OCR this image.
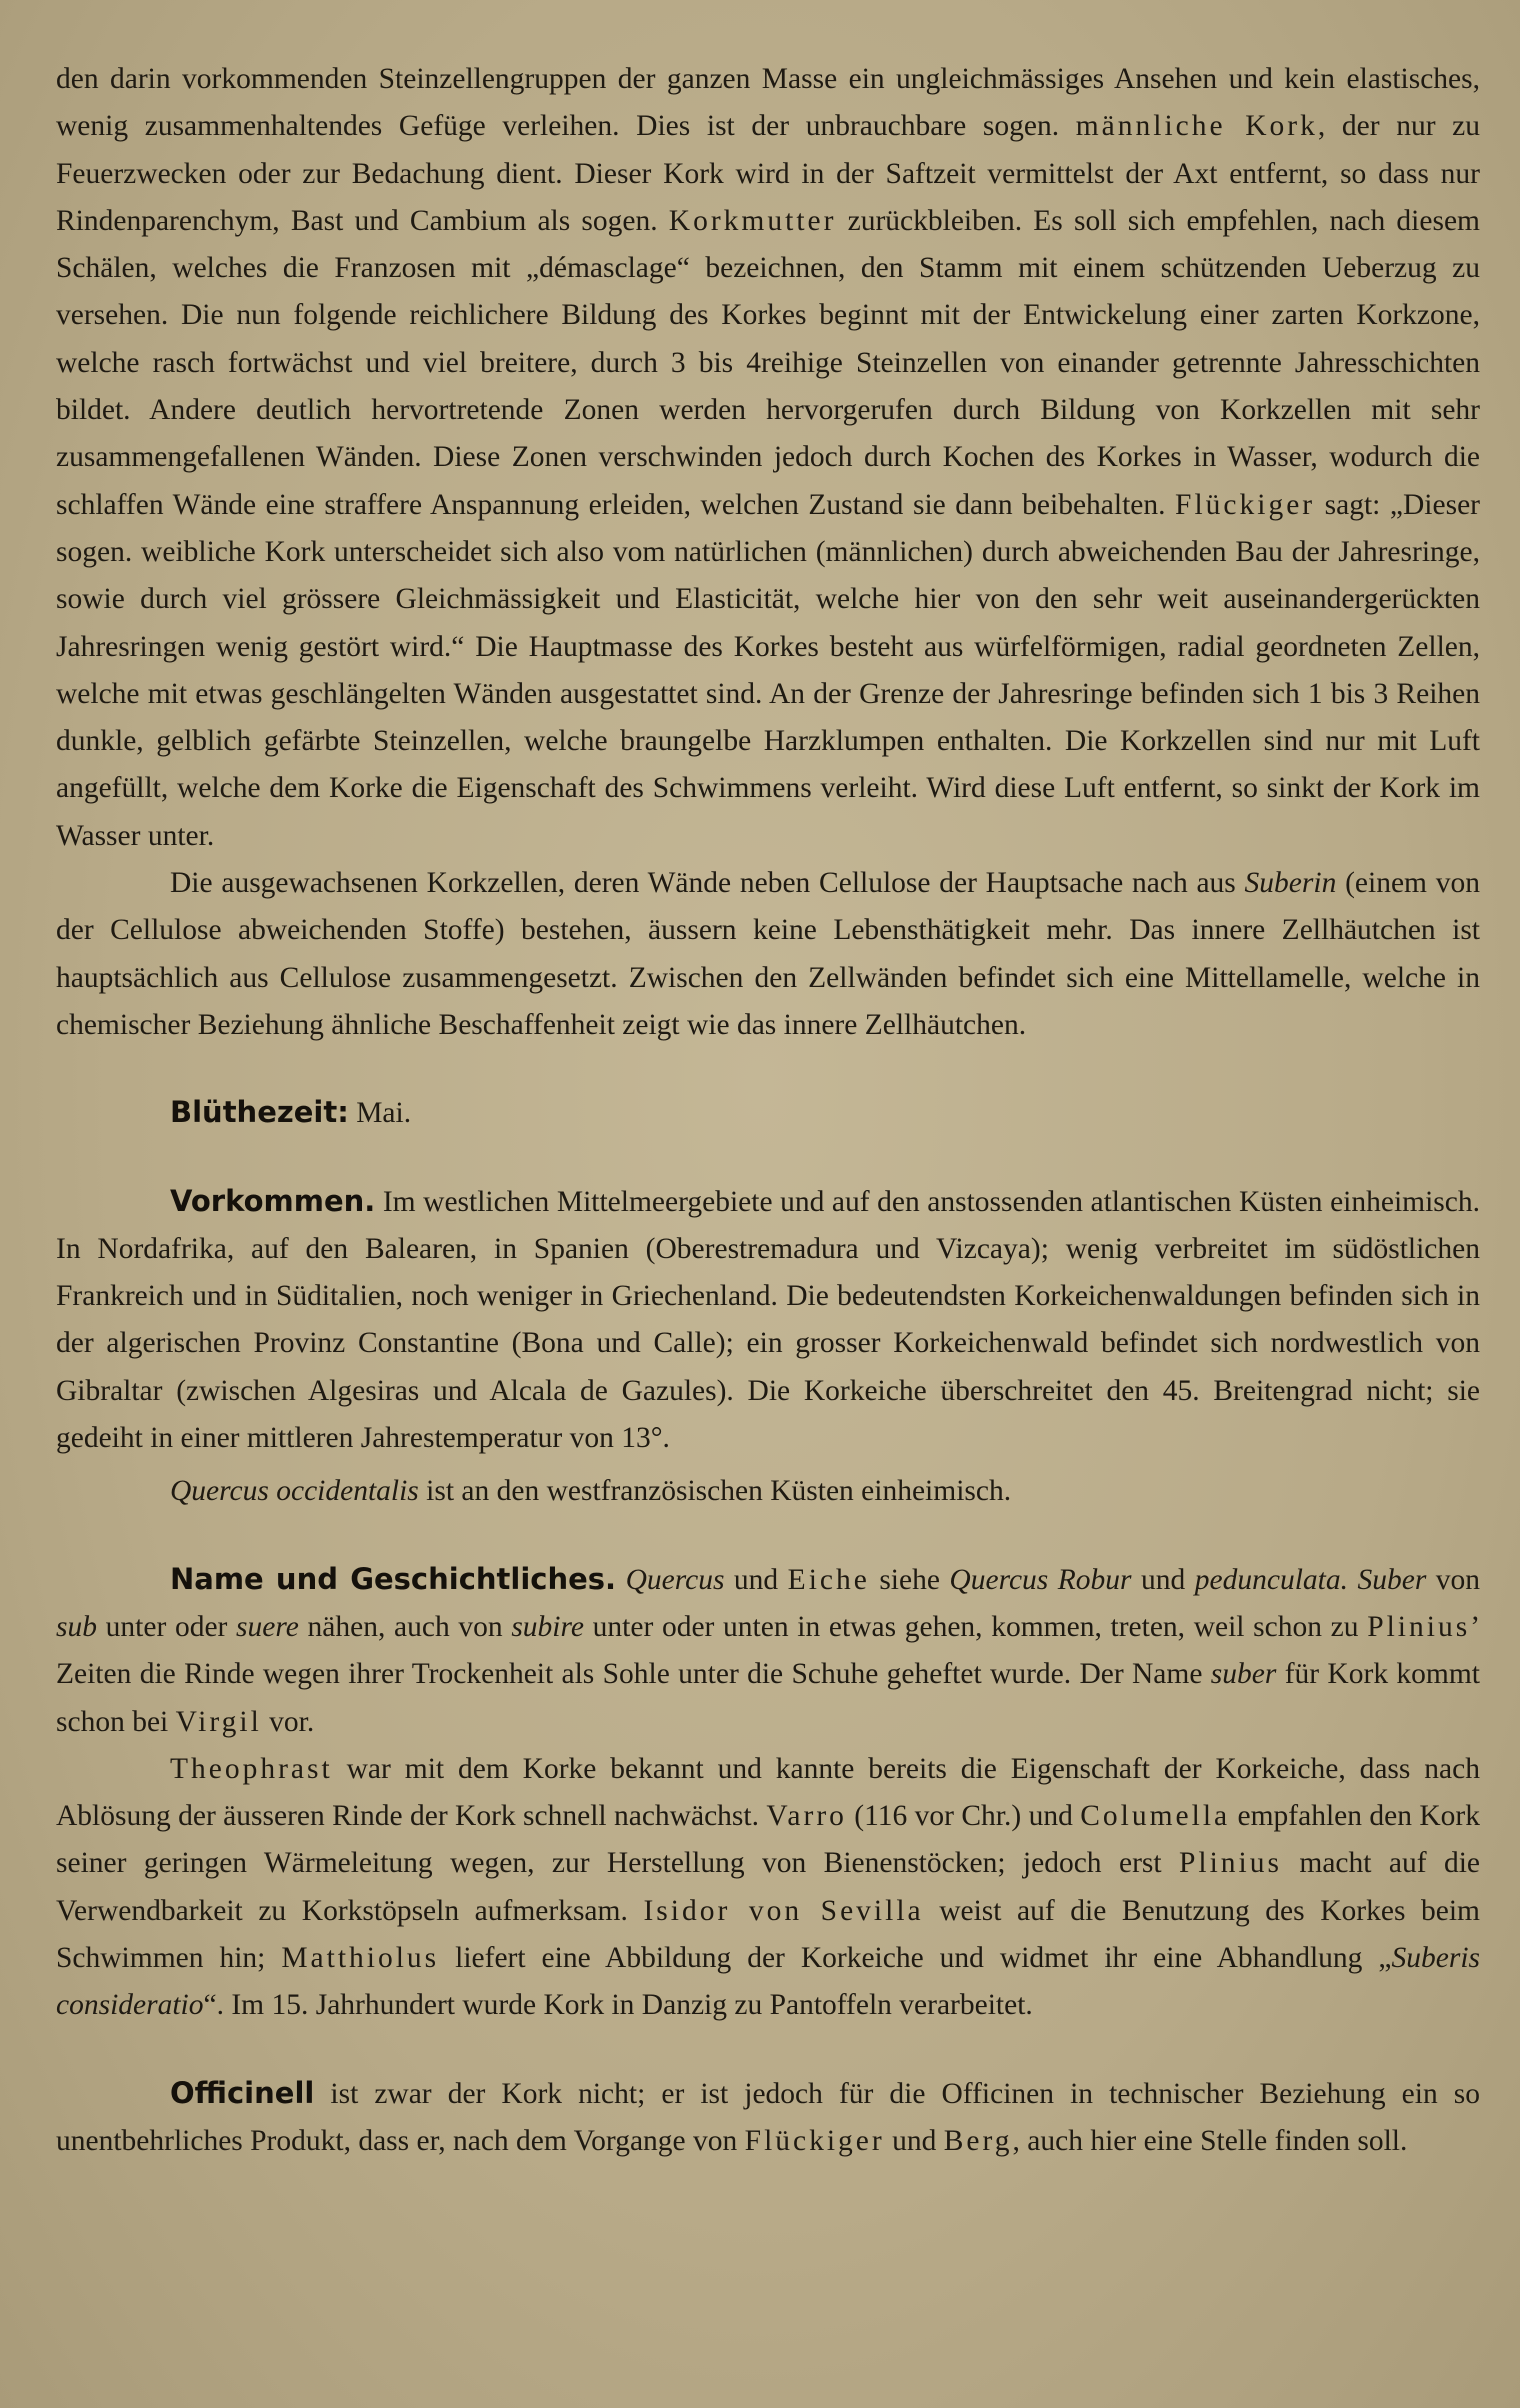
den darin vorkommenden Steinzellengruppen der ganzen Masse ein ungleichmässiges Ansehen und kein elastisches, wenig zusammenhaltendes Gefüge verleihen. Dies ist der unbrauchbare sogen. männliche Kork, der nur zu Feuerzwecken oder zur Bedachung dient. Dieser Kork wird in der Saftzeit vermittelst der Axt entfernt, so dass nur Rindenparenchym, Bast und Cambium als sogen. Korkmutter zurückbleiben. Es soll sich empfehlen, nach diesem Schälen, welches die Franzosen mit „démasclage“ bezeichnen, den Stamm mit einem schützenden Ueberzug zu versehen. Die nun folgende reichlichere Bildung des Korkes beginnt mit der Entwickelung einer zarten Korkzone, welche rasch fortwächst und viel breitere, durch 3 bis 4reihige Steinzellen von einander getrennte Jahresschichten bildet. Andere deutlich hervortretende Zonen werden hervorgerufen durch Bildung von Korkzellen mit sehr zusammengefallenen Wänden. Diese Zonen verschwinden jedoch durch Kochen des Korkes in Wasser, wodurch die schlaffen Wände eine straffere Anspannung erleiden, welchen Zustand sie dann beibehalten. Flückiger sagt: „Dieser sogen. weibliche Kork unterscheidet sich also vom natürlichen (männlichen) durch abweichenden Bau der Jahresringe, sowie durch viel grössere Gleichmässigkeit und Elasticität, welche hier von den sehr weit auseinandergerückten Jahresringen wenig gestört wird.“ Die Hauptmasse des Korkes besteht aus würfelförmigen, radial geordneten Zellen, welche mit etwas geschlängelten Wänden ausgestattet sind. An der Grenze der Jahresringe befinden sich 1 bis 3 Reihen dunkle, gelblich gefärbte Steinzellen, welche braungelbe Harzklumpen enthalten. Die Korkzellen sind nur mit Luft angefüllt, welche dem Korke die Eigenschaft des Schwimmens verleiht. Wird diese Luft entfernt, so sinkt der Kork im Wasser unter.

Die ausgewachsenen Korkzellen, deren Wände neben Cellulose der Hauptsache nach aus Suberin (einem von der Cellulose abweichenden Stoffe) bestehen, äussern keine Lebensthätigkeit mehr. Das innere Zellhäutchen ist hauptsächlich aus Cellulose zusammengesetzt. Zwischen den Zellwänden befindet sich eine Mittellamelle, welche in chemischer Beziehung ähnliche Beschaffenheit zeigt wie das innere Zellhäutchen.

Blüthezeit: Mai.

Vorkommen. Im westlichen Mittelmeergebiete und auf den anstossenden atlantischen Küsten einheimisch. In Nordafrika, auf den Balearen, in Spanien (Oberestremadura und Vizcaya); wenig verbreitet im südöstlichen Frankreich und in Süditalien, noch weniger in Griechenland. Die bedeutendsten Korkeichenwaldungen befinden sich in der algerischen Provinz Constantine (Bona und Calle); ein grosser Korkeichenwald befindet sich nordwestlich von Gibraltar (zwischen Algesiras und Alcala de Gazules). Die Korkeiche überschreitet den 45. Breitengrad nicht; sie gedeiht in einer mittleren Jahrestemperatur von 13°.

Quercus occidentalis ist an den westfranzösischen Küsten einheimisch.

Name und Geschichtliches. Quercus und Eiche siehe Quercus Robur und pedunculata. Suber von sub unter oder suere nähen, auch von subire unter oder unten in etwas gehen, kommen, treten, weil schon zu Plinius’ Zeiten die Rinde wegen ihrer Trockenheit als Sohle unter die Schuhe geheftet wurde. Der Name suber für Kork kommt schon bei Virgil vor.

Theophrast war mit dem Korke bekannt und kannte bereits die Eigenschaft der Korkeiche, dass nach Ablösung der äusseren Rinde der Kork schnell nachwächst. Varro (116 vor Chr.) und Columella empfahlen den Kork seiner geringen Wärmeleitung wegen, zur Herstellung von Bienenstöcken; jedoch erst Plinius macht auf die Verwendbarkeit zu Korkstöpseln aufmerksam. Isidor von Sevilla weist auf die Benutzung des Korkes beim Schwimmen hin; Matthiolus liefert eine Abbildung der Korkeiche und widmet ihr eine Abhandlung „Suberis consideratio“. Im 15. Jahrhundert wurde Kork in Danzig zu Pantoffeln verarbeitet.

Officinell ist zwar der Kork nicht; er ist jedoch für die Officinen in technischer Beziehung ein so unentbehrliches Produkt, dass er, nach dem Vorgange von Flückiger und Berg, auch hier eine Stelle finden soll.
